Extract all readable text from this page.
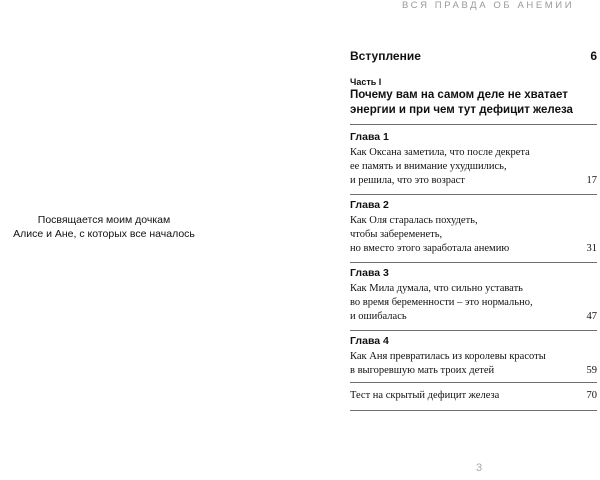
ВСЯ ПРАВДА ОБ АНЕМИИ
Посвящается моим дочкам
Алисе и Ане, с которых все началось
Вступление	6
Часть I
Почему вам на самом деле не хватает
энергии и при чем тут дефицит железа
Глава 1
Как Оксана заметила, что после декрета
ее память и внимание ухудшились,
и решила, что это возраст	17
Глава 2
Как Оля старалась похудеть,
чтобы забеременеть,
но вместо этого заработала анемию	31
Глава 3
Как Мила думала, что сильно уставать
во время беременности – это нормально,
и ошибалась	47
Глава 4
Как Аня превратилась из королевы красоты
в выгоревшую мать троих детей	59
Тест на скрытый дефицит железа	70
3
